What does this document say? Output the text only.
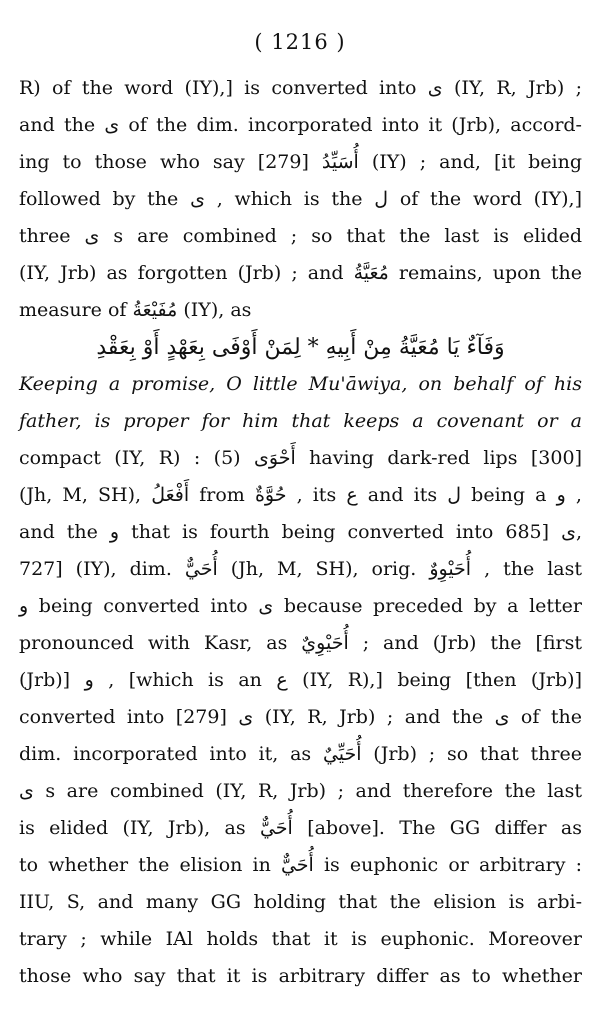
( 1216 )
R) of the word (IY),] is converted into ى (IY, R, Jrb) ;
and the ى of the dim. incorporated into it (Jrb), accord-
ing to those who say أُسَيِّدُ [279] (IY) ; and, [it being
followed by the ى , which is the ل of the word (IY),]
three ى s are combined ; so that the last is elided
(IY, Jrb) as forgotten (Jrb) ; and مُعَيَّةُ remains, upon the
measure of مُفَيْعَةُ (IY), as
وَفَآءٌ يَا مُعَيَّةُ مِنْ أَبِيهِ * لِمَنْ أَوْفَى بِعَهْدٍ أَوْ بِعَقْدِ
Keeping a promise, O little Mu'āwiya, on behalf of his
father, is proper for him that keeps a covenant or a
compact (IY, R) : (5) أَحْوَى having dark-red lips [300]
(Jh, M, SH), أَفْعَلُ from حُوَّةٌ , its ع and its ل being a و ,
and the و that is fourth being converted into ى [685,
727] (IY), dim. أُحَيٌّ (Jh, M, SH), orig. أُحَيْوِوٌ , the last
و being converted into ى because preceded by a letter
pronounced with Kasr, as أُحَيْوِيٌ ; and (Jrb) the [first
(Jrb)] و , [which is an ع (IY, R),] being [then (Jrb)]
converted into ى [279] (IY, R, Jrb) ; and the ى of the
dim. incorporated into it, as أُحَيِّيٌ (Jrb) ; so that three
ى s are combined (IY, R, Jrb) ; and therefore the last
is elided (IY, Jrb), as أُحَيٌّ [above]. The GG differ as
to whether the elision in أُحَيٌّ is euphonic or arbitrary :
IIU, S, and many GG holding that the elision is arbi-
trary ; while IAl holds that it is euphonic. Moreover
those who say that it is arbitrary differ as to whether
